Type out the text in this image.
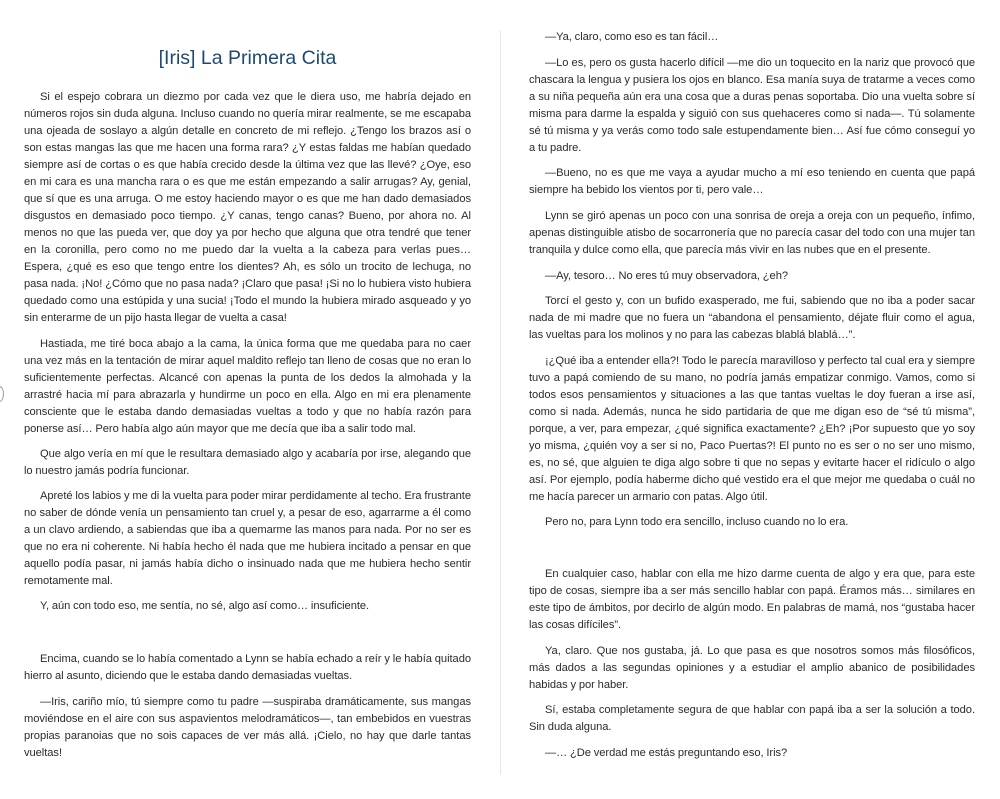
[Iris] La Primera Cita

Si el espejo cobrara un diezmo por cada vez que le diera uso, me habría dejado en números rojos sin duda alguna. Incluso cuando no quería mirar realmente, se me escapaba una ojeada de soslayo a algún detalle en concreto de mi reflejo. ¿Tengo los brazos así o son estas mangas las que me hacen una forma rara? ¿Y estas faldas me habían quedado siempre así de cortas o es que había crecido desde la última vez que las llevé? ¿Oye, eso en mi cara es una mancha rara o es que me están empezando a salir arrugas? Ay, genial, que sí que es una arruga. O me estoy haciendo mayor o es que me han dado demasiados disgustos en demasiado poco tiempo. ¿Y canas, tengo canas? Bueno, por ahora no. Al menos no que las pueda ver, que doy ya por hecho que alguna que otra tendré que tener en la coronilla, pero como no me puedo dar la vuelta a la cabeza para verlas pues… Espera, ¿qué es eso que tengo entre los dientes? Ah, es sólo un trocito de lechuga, no pasa nada. ¡No! ¿Cómo que no pasa nada? ¡Claro que pasa! ¡Si no lo hubiera visto hubiera quedado como una estúpida y una sucia! ¡Todo el mundo la hubiera mirado asqueado y yo sin enterarme de un pijo hasta llegar de vuelta a casa!

Hastiada, me tiré boca abajo a la cama, la única forma que me quedaba para no caer una vez más en la tentación de mirar aquel maldito reflejo tan lleno de cosas que no eran lo suficientemente perfectas. Alcancé con apenas la punta de los dedos la almohada y la arrastré hacia mí para abrazarla y hundirme un poco en ella. Algo en mi era plenamente consciente que le estaba dando demasiadas vueltas a todo y que no había razón para ponerse así… Pero había algo aún mayor que me decía que iba a salir todo mal.

Que algo vería en mí que le resultara demasiado algo y acabaría por irse, alegando que lo nuestro jamás podría funcionar.

Apreté los labios y me di la vuelta para poder mirar perdidamente al techo. Era frustrante no saber de dónde venía un pensamiento tan cruel y, a pesar de eso, agarrarme a él como a un clavo ardiendo, a sabiendas que iba a quemarme las manos para nada. Por no ser es que no era ni coherente. Ni había hecho él nada que me hubiera incitado a pensar en que aquello podía pasar, ni jamás había dicho o insinuado nada que me hubiera hecho sentir remotamente mal.

Y, aún con todo eso, me sentía, no sé, algo así como… insuficiente.

Encima, cuando se lo había comentado a Lynn se había echado a reír y le había quitado hierro al asunto, diciendo que le estaba dando demasiadas vueltas.

—Iris, cariño mío, tú siempre como tu padre —suspiraba dramáticamente, sus mangas moviéndose en el aire con sus aspavientos melodramáticos—, tan embebidos en vuestras propias paranoias que no sois capaces de ver más allá. ¡Cielo, no hay que darle tantas vueltas!

—Ya, claro, como eso es tan fácil…

—Lo es, pero os gusta hacerlo difícil —me dio un toquecito en la nariz que provocó que chascara la lengua y pusiera los ojos en blanco. Esa manía suya de tratarme a veces como a su niña pequeña aún era una cosa que a duras penas soportaba. Dio una vuelta sobre sí misma para darme la espalda y siguió con sus quehaceres como si nada—. Tú solamente sé tú misma y ya verás como todo sale estupendamente bien… Así fue cómo conseguí yo a tu padre.

—Bueno, no es que me vaya a ayudar mucho a mí eso teniendo en cuenta que papá siempre ha bebido los vientos por ti, pero vale…

Lynn se giró apenas un poco con una sonrisa de oreja a oreja con un pequeño, ínfimo, apenas distinguible atisbo de socarronería que no parecía casar del todo con una mujer tan tranquila y dulce como ella, que parecía más vivir en las nubes que en el presente.

—Ay, tesoro… No eres tú muy observadora, ¿eh?

Torcí el gesto y, con un bufido exasperado, me fui, sabiendo que no iba a poder sacar nada de mi madre que no fuera un “abandona el pensamiento, déjate fluir como el agua, las vueltas para los molinos y no para las cabezas blablá blablá…”.

¡¿Qué iba a entender ella?! Todo le parecía maravilloso y perfecto tal cual era y siempre tuvo a papá comiendo de su mano, no podría jamás empatizar conmigo. Vamos, como si todos esos pensamientos y situaciones a las que tantas vueltas le doy fueran a irse así, como si nada. Además, nunca he sido partidaria de que me digan eso de “sé tú misma”, porque, a ver, para empezar, ¿qué significa exactamente? ¿Eh? ¡Por supuesto que yo soy yo misma, ¿quién voy a ser si no, Paco Puertas?! El punto no es ser o no ser uno mismo, es, no sé, que alguien te diga algo sobre ti que no sepas y evitarte hacer el ridículo o algo así. Por ejemplo, podía haberme dicho qué vestido era el que mejor me quedaba o cuál no me hacía parecer un armario con patas. Algo útil.

Pero no, para Lynn todo era sencillo, incluso cuando no lo era.

En cualquier caso, hablar con ella me hizo darme cuenta de algo y era que, para este tipo de cosas, siempre iba a ser más sencillo hablar con papá. Éramos más… similares en este tipo de ámbitos, por decirlo de algún modo. En palabras de mamá, nos “gustaba hacer las cosas difíciles”.

Ya, claro. Que nos gustaba, já. Lo que pasa es que nosotros somos más filosóficos, más dados a las segundas opiniones y a estudiar el amplio abanico de posibilidades habidas y por haber.

Sí, estaba completamente segura de que hablar con papá iba a ser la solución a todo. Sin duda alguna.

—… ¿De verdad me estás preguntando eso, Iris?
